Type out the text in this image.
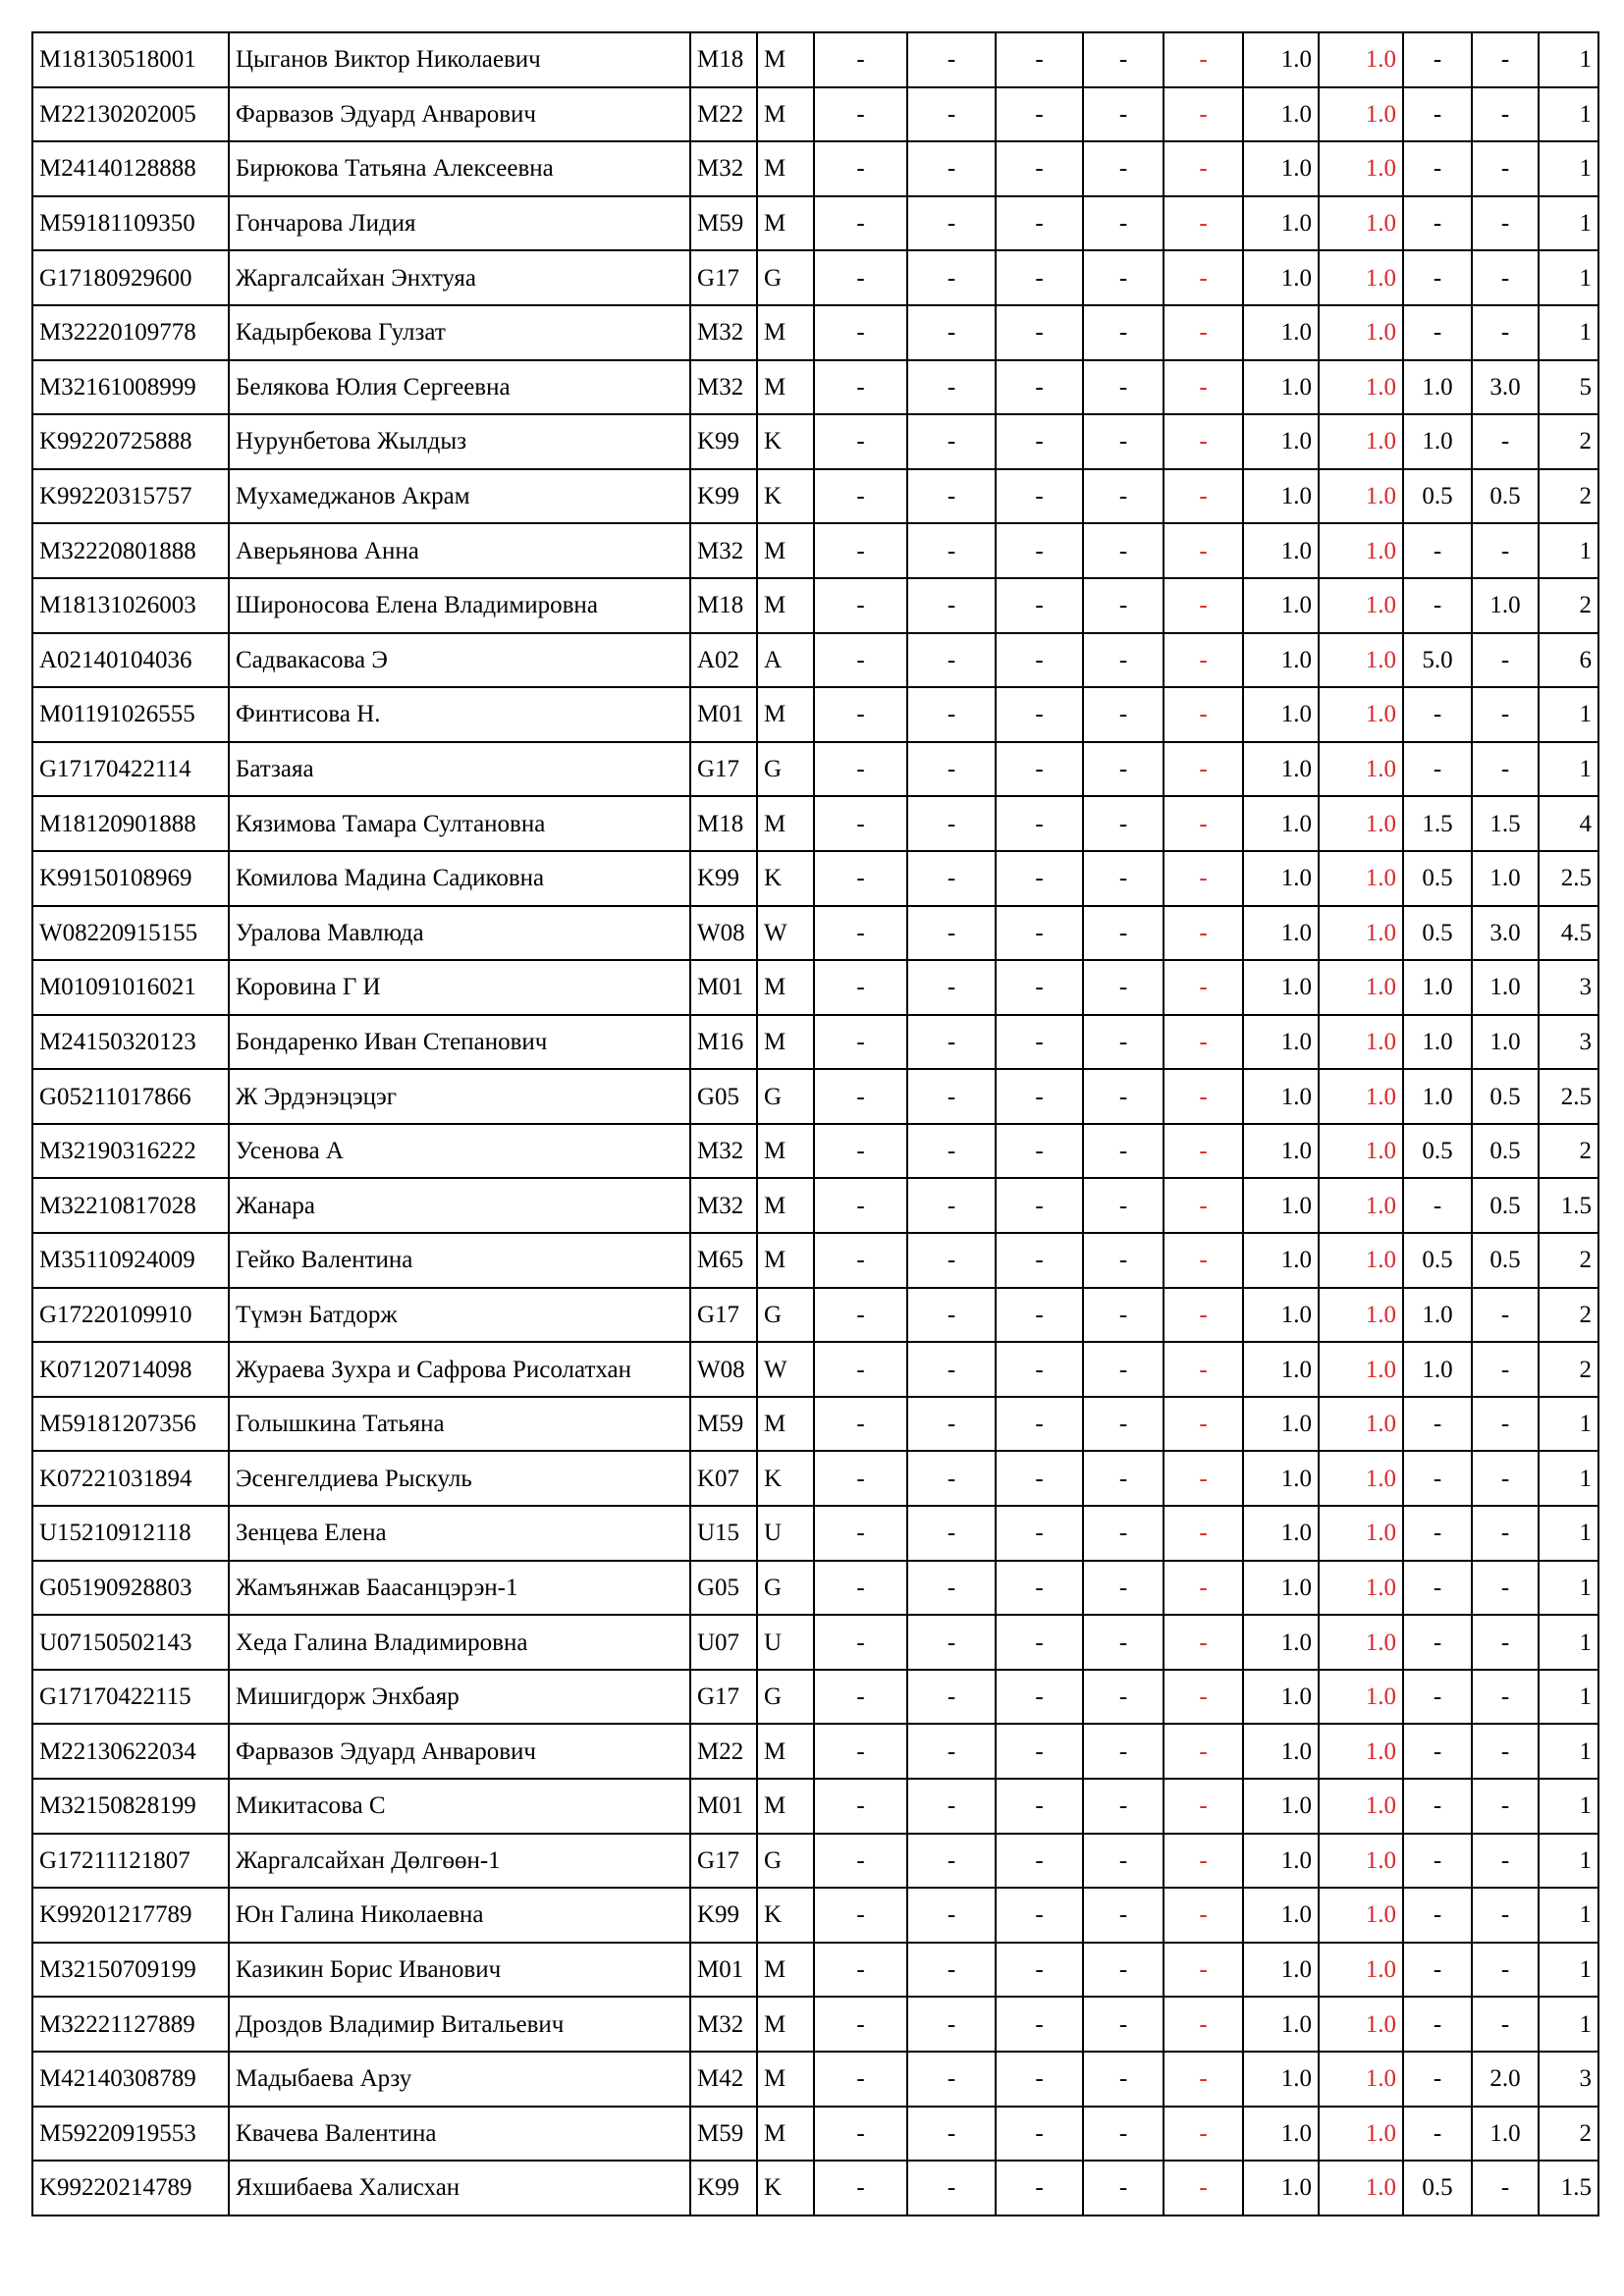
M18130518001	Цыганов Виктор Николаевич	M18	M	-	-	-	-	-	1.0	1.0	-	-	1
M22130202005	Фарвазов Эдуард Анварович	M22	M	-	-	-	-	-	1.0	1.0	-	-	1
M24140128888	Бирюкова Татьяна Алексеевна	M32	M	-	-	-	-	-	1.0	1.0	-	-	1
M59181109350	Гончарова Лидия	M59	M	-	-	-	-	-	1.0	1.0	-	-	1
G17180929600	Жаргалсайхан Энхтуяа	G17	G	-	-	-	-	-	1.0	1.0	-	-	1
M32220109778	Кадырбекова Гулзат	M32	M	-	-	-	-	-	1.0	1.0	-	-	1
M32161008999	Белякова Юлия Сергеевна	M32	M	-	-	-	-	-	1.0	1.0	1.0	3.0	5
K99220725888	Нурунбетова Жылдыз	K99	K	-	-	-	-	-	1.0	1.0	1.0	-	2
K99220315757	Мухамеджанов Акрам	K99	K	-	-	-	-	-	1.0	1.0	0.5	0.5	2
M32220801888	Аверьянова Анна	M32	M	-	-	-	-	-	1.0	1.0	-	-	1
M18131026003	Широносова Елена Владимировна	M18	M	-	-	-	-	-	1.0	1.0	-	1.0	2
A02140104036	Садвакасова Э	A02	A	-	-	-	-	-	1.0	1.0	5.0	-	6
M01191026555	Финтисова Н.	M01	M	-	-	-	-	-	1.0	1.0	-	-	1
G17170422114	Батзаяа	G17	G	-	-	-	-	-	1.0	1.0	-	-	1
M18120901888	Кязимова Тамара Султановна	M18	M	-	-	-	-	-	1.0	1.0	1.5	1.5	4
K99150108969	Комилова Мадина Садиковна	K99	K	-	-	-	-	-	1.0	1.0	0.5	1.0	2.5
W08220915155	Уралова Мавлюда	W08	W	-	-	-	-	-	1.0	1.0	0.5	3.0	4.5
M01091016021	Коровина Г И	M01	M	-	-	-	-	-	1.0	1.0	1.0	1.0	3
M24150320123	Бондаренко Иван Степанович	M16	M	-	-	-	-	-	1.0	1.0	1.0	1.0	3
G05211017866	Ж Эрдэнэцэцэг	G05	G	-	-	-	-	-	1.0	1.0	1.0	0.5	2.5
M32190316222	Усенова А	M32	M	-	-	-	-	-	1.0	1.0	0.5	0.5	2
M32210817028	Жанара	M32	M	-	-	-	-	-	1.0	1.0	-	0.5	1.5
M35110924009	Гейко Валентина	M65	M	-	-	-	-	-	1.0	1.0	0.5	0.5	2
G17220109910	Түмэн Батдорж	G17	G	-	-	-	-	-	1.0	1.0	1.0	-	2
K07120714098	Жураева Зухра и Сафрова Рисолатхан	W08	W	-	-	-	-	-	1.0	1.0	1.0	-	2
M59181207356	Голышкина Татьяна	M59	M	-	-	-	-	-	1.0	1.0	-	-	1
K07221031894	Эсенгелдиева Рыскуль	K07	K	-	-	-	-	-	1.0	1.0	-	-	1
U15210912118	Зенцева Елена	U15	U	-	-	-	-	-	1.0	1.0	-	-	1
G05190928803	Жамъянжав Баасанцэрэн-1	G05	G	-	-	-	-	-	1.0	1.0	-	-	1
U07150502143	Хеда Галина Владимировна	U07	U	-	-	-	-	-	1.0	1.0	-	-	1
G17170422115	Мишигдорж Энхбаяр	G17	G	-	-	-	-	-	1.0	1.0	-	-	1
M22130622034	Фарвазов Эдуард Анварович	M22	M	-	-	-	-	-	1.0	1.0	-	-	1
M32150828199	Микитасова С	M01	M	-	-	-	-	-	1.0	1.0	-	-	1
G17211121807	Жаргалсайхан Дөлгөөн-1	G17	G	-	-	-	-	-	1.0	1.0	-	-	1
K99201217789	Юн Галина Николаевна	K99	K	-	-	-	-	-	1.0	1.0	-	-	1
M32150709199	Казикин Борис Иванович	M01	M	-	-	-	-	-	1.0	1.0	-	-	1
M32221127889	Дроздов Владимир Витальевич	M32	M	-	-	-	-	-	1.0	1.0	-	-	1
M42140308789	Мадыбаева Арзу	M42	M	-	-	-	-	-	1.0	1.0	-	2.0	3
M59220919553	Квачева Валентина	M59	M	-	-	-	-	-	1.0	1.0	-	1.0	2
K99220214789	Яхшибаева Халисхан	K99	K	-	-	-	-	-	1.0	1.0	0.5	-	1.5
